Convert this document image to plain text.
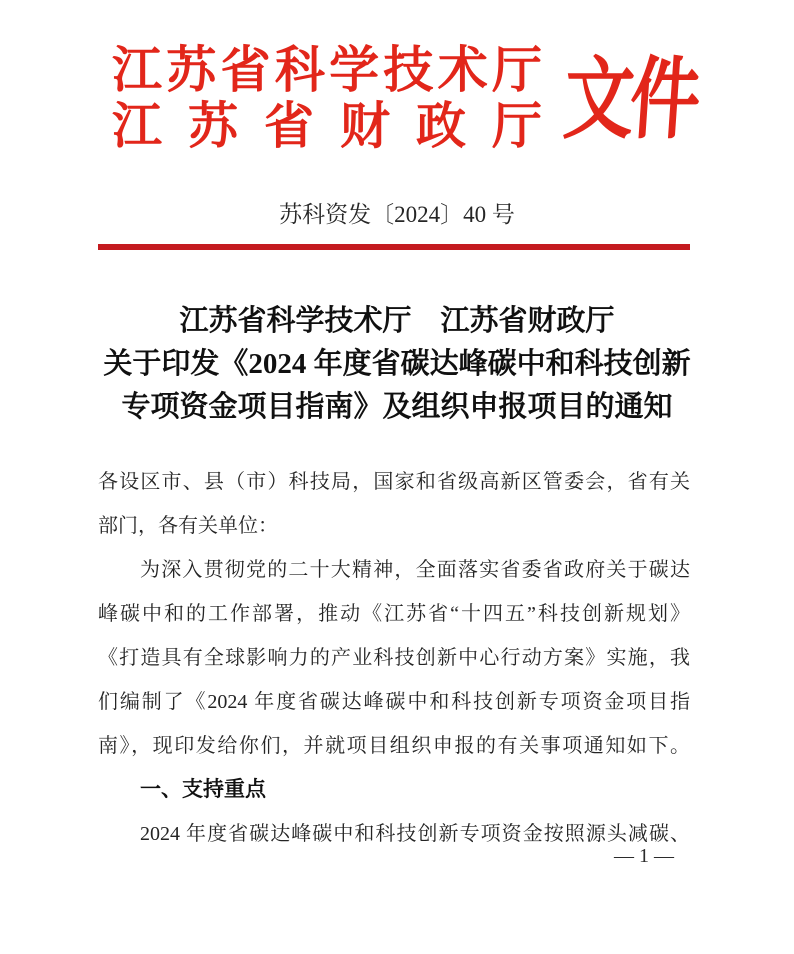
江苏省科学技术厅
江苏省财政厅 文件
苏科资发〔2024〕40 号
江苏省科学技术厅　江苏省财政厅
关于印发《2024 年度省碳达峰碳中和科技创新
专项资金项目指南》及组织申报项目的通知
各设区市、县（市）科技局，国家和省级高新区管委会，省有关
部门，各有关单位：
为深入贯彻党的二十大精神，全面落实省委省政府关于碳达
峰碳中和的工作部署，推动《江苏省“十四五”科技创新规划》
《打造具有全球影响力的产业科技创新中心行动方案》实施，我
们编制了《2024 年度省碳达峰碳中和科技创新专项资金项目指
南》，现印发给你们，并就项目组织申报的有关事项通知如下。
一、支持重点
2024 年度省碳达峰碳中和科技创新专项资金按照源头减碳、
— 1 —
